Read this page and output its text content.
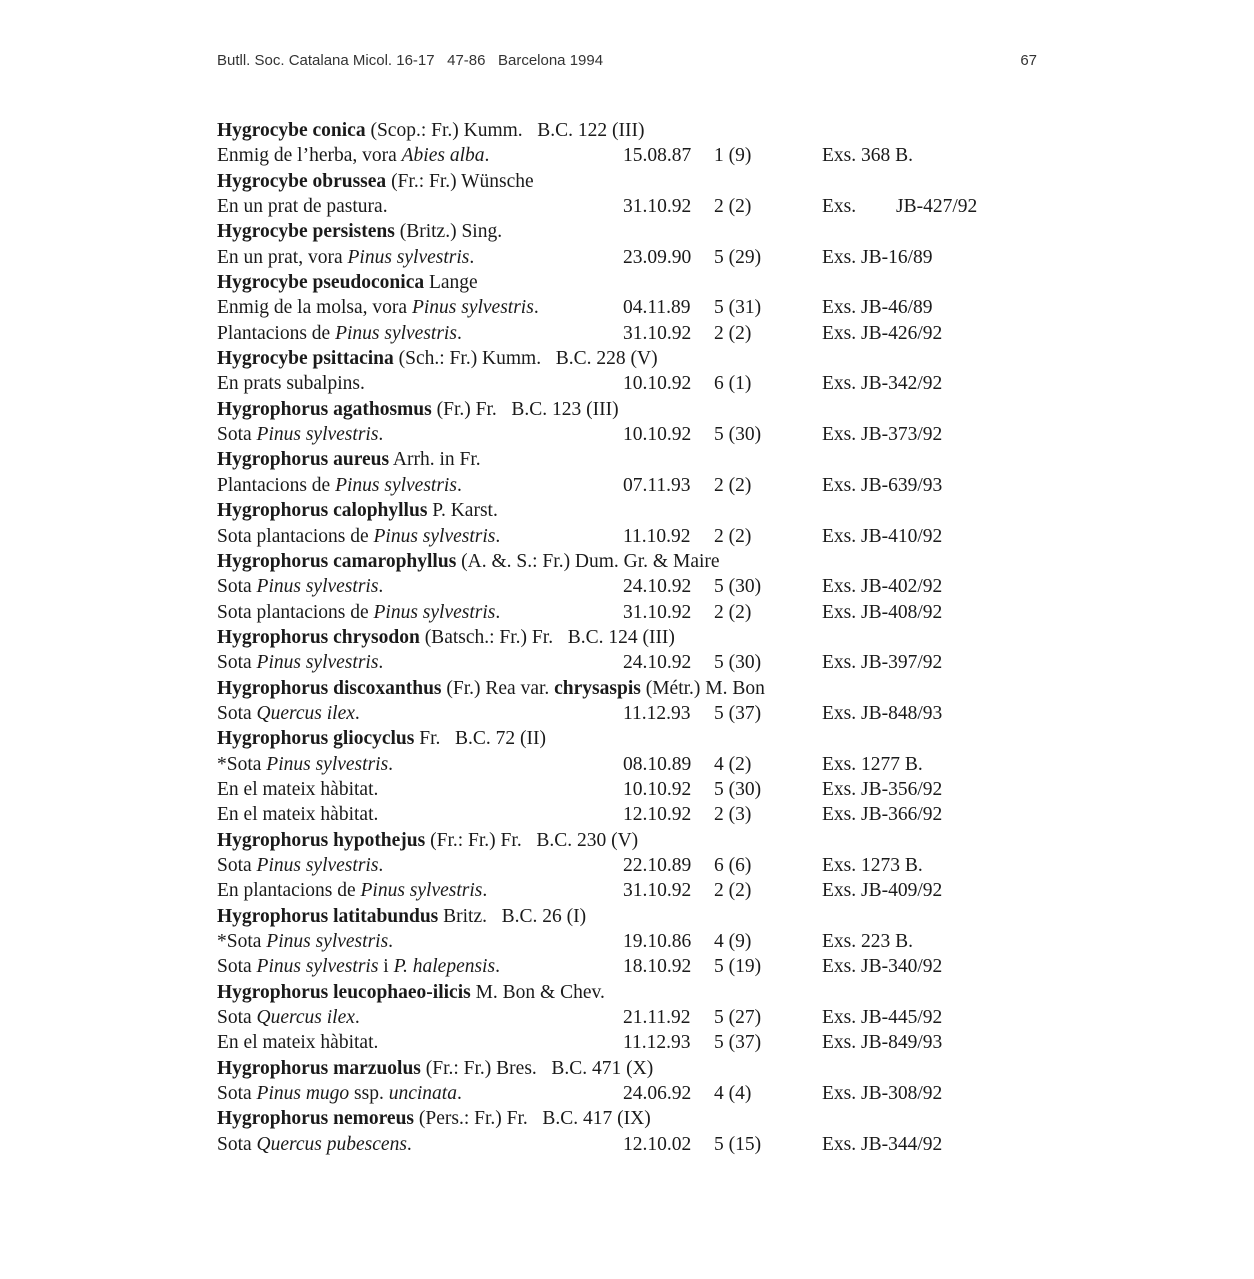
Butll. Soc. Catalana Micol. 16-17   47-86   Barcelona 1994	67
Hygrocybe conica (Scop.: Fr.) Kumm.   B.C. 122 (III)
Enmig de l’herba, vora Abies alba.	15.08.87 1 (9)	Exs. 368 B.
Hygrocybe obrussea (Fr.: Fr.) Wünsche
En un prat de pastura.	31.10.92 2 (2)	Exs. JB-427/92
Hygrocybe persistens (Britz.) Sing.
En un prat, vora Pinus sylvestris.	23.09.90 5 (29)	Exs. JB-16/89
Hygrocybe pseudoconica Lange
Enmig de la molsa, vora Pinus sylvestris.	04.11.89 5 (31)	Exs. JB-46/89
Plantacions de Pinus sylvestris.	31.10.92 2 (2)	Exs. JB-426/92
Hygrocybe psittacina (Sch.: Fr.) Kumm.   B.C. 228 (V)
En prats subalpins.	10.10.92 6 (1)	Exs. JB-342/92
Hygrophorus agathosmus (Fr.) Fr.   B.C. 123 (III)
Sota Pinus sylvestris.	10.10.92 5 (30)	Exs. JB-373/92
Hygrophorus aureus Arrh. in Fr.
Plantacions de Pinus sylvestris.	07.11.93 2 (2)	Exs. JB-639/93
Hygrophorus calophyllus P. Karst.
Sota plantacions de Pinus sylvestris.	11.10.92 2 (2)	Exs. JB-410/92
Hygrophorus camarophyllus (A. &. S.: Fr.) Dum. Gr. & Maire
Sota Pinus sylvestris.	24.10.92 5 (30)	Exs. JB-402/92
Sota plantacions de Pinus sylvestris.	31.10.92 2 (2)	Exs. JB-408/92
Hygrophorus chrysodon (Batsch.: Fr.) Fr.   B.C. 124 (III)
Sota Pinus sylvestris.	24.10.92 5 (30)	Exs. JB-397/92
Hygrophorus discoxanthus (Fr.) Rea var. chrysaspis (Métr.) M. Bon
Sota Quercus ilex.	11.12.93 5 (37)	Exs. JB-848/93
Hygrophorus gliocyclus Fr.   B.C. 72 (II)
*Sota Pinus sylvestris.	08.10.89 4 (2)	Exs. 1277 B.
En el mateix hàbitat.	10.10.92 5 (30)	Exs. JB-356/92
En el mateix hàbitat.	12.10.92 2 (3)	Exs. JB-366/92
Hygrophorus hypothejus (Fr.: Fr.) Fr.   B.C. 230 (V)
Sota Pinus sylvestris.	22.10.89 6 (6)	Exs. 1273 B.
En plantacions de Pinus sylvestris.	31.10.92 2 (2)	Exs. JB-409/92
Hygrophorus latitabundus Britz.   B.C. 26 (I)
*Sota Pinus sylvestris.	19.10.86 4 (9)	Exs. 223 B.
Sota Pinus sylvestris i P. halepensis.	18.10.92 5 (19)	Exs. JB-340/92
Hygrophorus leucophaeo-ilicis M. Bon & Chev.
Sota Quercus ilex.	21.11.92 5 (27)	Exs. JB-445/92
En el mateix hàbitat.	11.12.93 5 (37)	Exs. JB-849/93
Hygrophorus marzuolus (Fr.: Fr.) Bres.   B.C. 471 (X)
Sota Pinus mugo ssp. uncinata.	24.06.92 4 (4)	Exs. JB-308/92
Hygrophorus nemoreus (Pers.: Fr.) Fr.   B.C. 417 (IX)
Sota Quercus pubescens.	12.10.02 5 (15)	Exs. JB-344/92
